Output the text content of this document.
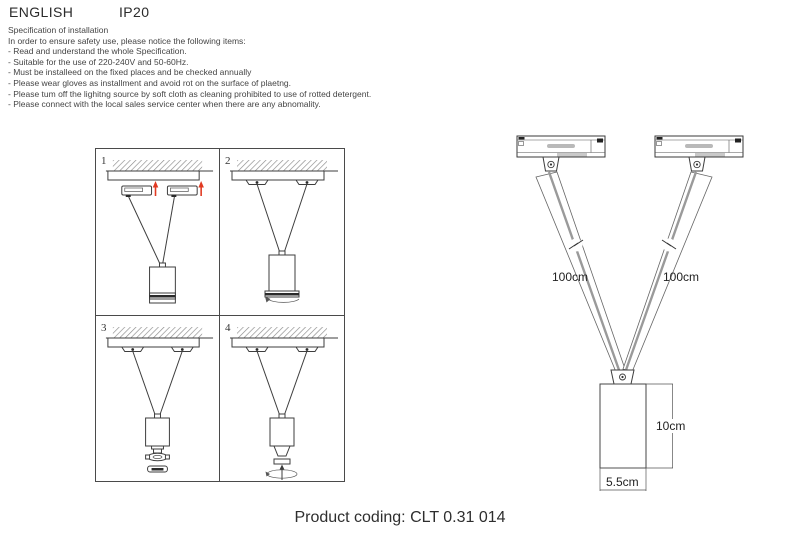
ENGLISH	IP20
Specification of installation
In order to ensure safety use, please notice the following items:
- Read and understand the whole Specification.
- Suitable for the use of 220-240V and 50-60Hz.
- Must be installeed on the fixed places and be checked annually
- Please wear gloves as installment and avoid rot on the surface of plaetng.
- Please tum off the lighitng source by soft cloth as cleaning prohibited to use of rotted detergent.
- Please connect with the local sales service center when there are any abnomality.
1	2
3	4
100cm	100cm
10cm
5.5cm
Product coding: CLT 0.31 014
